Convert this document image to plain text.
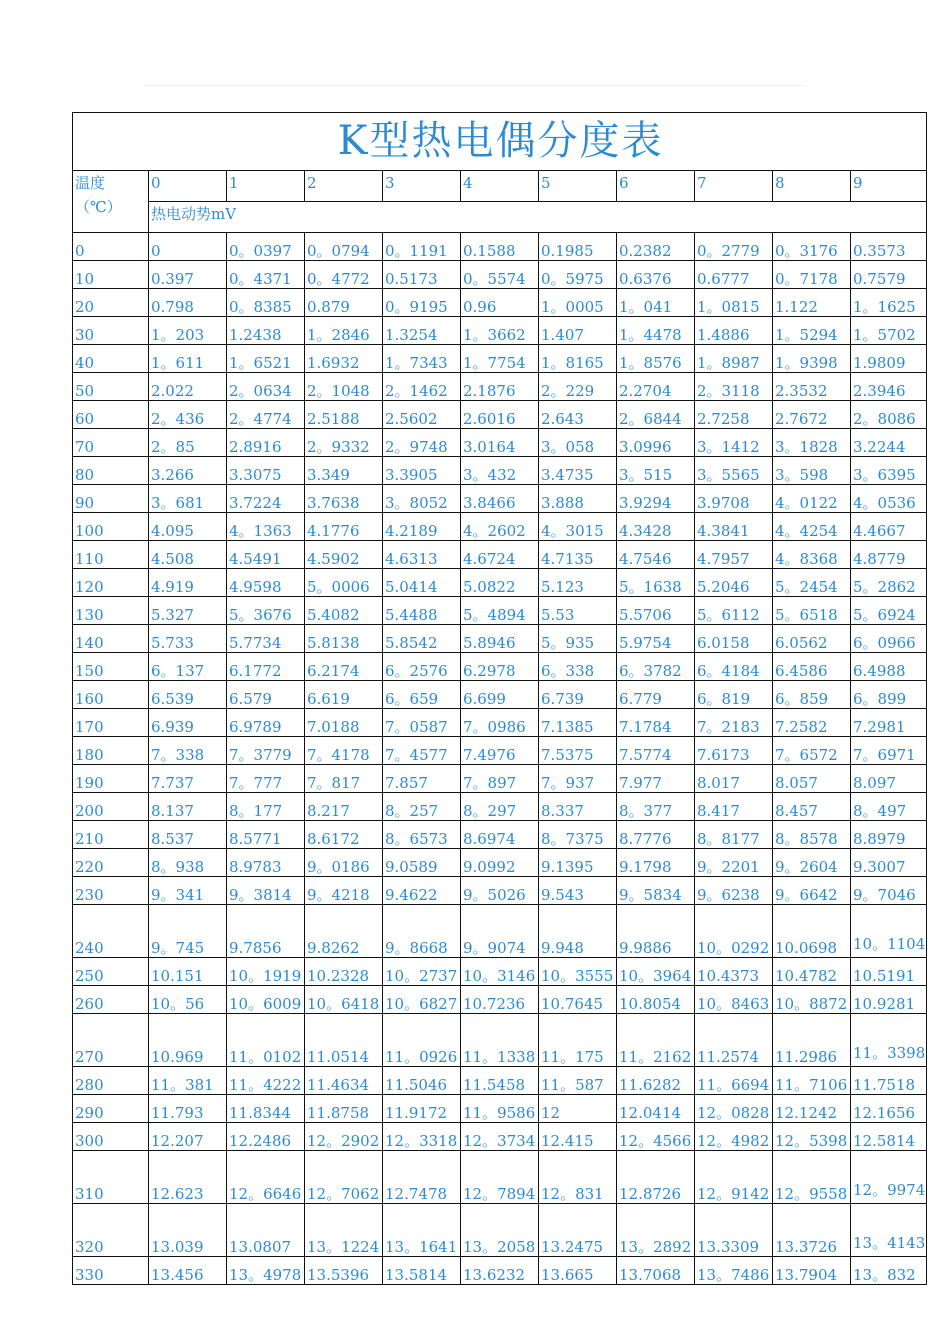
K型热电偶分度表										
温度
（℃）	0	1	2	3	4	5	6	7	8	9
	热电动势mV									
0	0	0。0397	0。0794	0。1191	0.1588	0.1985	0.2382	0。2779	0。3176	0.3573
10	0.397	0。4371	0。4772	0.5173	0。5574	0。5975	0.6376	0.6777	0。7178	0.7579
20	0.798	0。8385	0.879	0。9195	0.96	1。0005	1。041	1。0815	1.122	1。1625
30	1。203	1.2438	1。2846	1.3254	1。3662	1.407	1。4478	1.4886	1。5294	1。5702
40	1。611	1。6521	1.6932	1。7343	1。7754	1。8165	1。8576	1。8987	1。9398	1.9809
50	2.022	2。0634	2。1048	2。1462	2.1876	2。229	2.2704	2。3118	2.3532	2.3946
60	2。436	2。4774	2.5188	2.5602	2.6016	2.643	2。6844	2.7258	2.7672	2。8086
70	2。85	2.8916	2。9332	2。9748	3.0164	3。058	3.0996	3。1412	3。1828	3.2244
80	3.266	3.3075	3.349	3.3905	3。432	3.4735	3。515	3。5565	3。598	3。6395
90	3。681	3.7224	3.7638	3。8052	3.8466	3.888	3.9294	3.9708	4。0122	4。0536
100	4.095	4。1363	4.1776	4.2189	4。2602	4。3015	4.3428	4.3841	4。4254	4.4667
110	4.508	4.5491	4.5902	4.6313	4.6724	4.7135	4.7546	4.7957	4。8368	4.8779
120	4.919	4.9598	5。0006	5.0414	5.0822	5.123	5。1638	5.2046	5。2454	5。2862
130	5.327	5。3676	5.4082	5.4488	5。4894	5.53	5.5706	5。6112	5。6518	5。6924
140	5.733	5.7734	5.8138	5.8542	5.8946	5。935	5.9754	6.0158	6.0562	6。0966
150	6。137	6.1772	6.2174	6。2576	6.2978	6。338	6。3782	6。4184	6.4586	6.4988
160	6.539	6.579	6.619	6。659	6.699	6.739	6.779	6。819	6。859	6。899
170	6.939	6.9789	7.0188	7。0587	7。0986	7.1385	7.1784	7。2183	7.2582	7.2981
180	7。338	7。3779	7。4178	7。4577	7.4976	7.5375	7.5774	7.6173	7。6572	7。6971
190	7.737	7。777	7。817	7.857	7。897	7。937	7.977	8.017	8.057	8.097
200	8.137	8。177	8.217	8。257	8。297	8.337	8。377	8.417	8.457	8。497
210	8.537	8.5771	8.6172	8。6573	8.6974	8。7375	8.7776	8。8177	8。8578	8.8979
220	8。938	8.9783	9。0186	9.0589	9.0992	9.1395	9.1798	9。2201	9。2604	9.3007
230	9。341	9。3814	9。4218	9.4622	9。5026	9.543	9。5834	9。6238	9。6642	9。7046
240	9。745	9.7856	9.8262	9。8668	9。9074	9.948	9.9886	10。0292	10.0698	10。1104
250	10.151	10。1919	10.2328	10。2737	10。3146	10。3555	10。3964	10.4373	10.4782	10.5191
260	10。56	10。6009	10。6418	10。6827	10.7236	10.7645	10.8054	10。8463	10。8872	10.9281
270	10.969	11。0102	11.0514	11。0926	11。1338	11。175	11。2162	11.2574	11.2986	11。3398
280	11。381	11。4222	11.4634	11.5046	11.5458	11。587	11.6282	11。6694	11。7106	11.7518
290	11.793	11.8344	11.8758	11.9172	11。9586	12	12.0414	12。0828	12.1242	12.1656
300	12.207	12.2486	12。2902	12。3318	12。3734	12.415	12。4566	12。4982	12。5398	12.5814
310	12.623	12。6646	12。7062	12.7478	12。7894	12。831	12.8726	12。9142	12。9558	12。9974
320	13.039	13.0807	13。1224	13。1641	13。2058	13.2475	13。2892	13.3309	13.3726	13。4143
330	13.456	13。4978	13.5396	13.5814	13.6232	13.665	13.7068	13。7486	13.7904	13。832
